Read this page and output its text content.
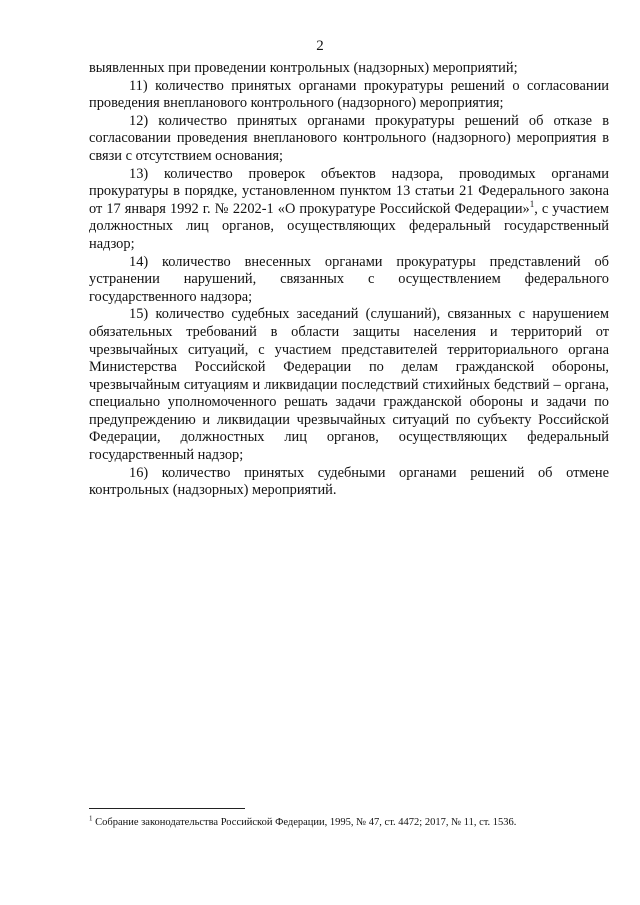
2

выявленных при проведении контрольных (надзорных) мероприятий;

11) количество принятых органами прокуратуры решений о согласовании проведения внепланового контрольного (надзорного) мероприятия;

12) количество принятых органами прокуратуры решений об отказе в согласовании проведения внепланового контрольного (надзорного) мероприятия в связи с отсутствием основания;

13) количество проверок объектов надзора, проводимых органами прокуратуры в порядке, установленном пунктом 13 статьи 21 Федерального закона от 17 января 1992 г. № 2202-1 «О прокуратуре Российской Федерации»$^1$, с участием должностных лиц органов, осуществляющих федеральный государственный надзор;

14) количество внесенных органами прокуратуры представлений об устранении нарушений, связанных с осуществлением федерального государственного надзора;

15) количество судебных заседаний (слушаний), связанных с нарушением обязательных требований в области защиты населения и территорий от чрезвычайных ситуаций, с участием представителей территориального органа Министерства Российской Федерации по делам гражданской обороны, чрезвычайным ситуациям и ликвидации последствий стихийных бедствий – органа, специально уполномоченного решать задачи гражданской обороны и задачи по предупреждению и ликвидации чрезвычайных ситуаций по субъекту Российской Федерации, должностных лиц органов, осуществляющих федеральный государственный надзор;

16) количество принятых судебными органами решений об отмене контрольных (надзорных) мероприятий.

$^1$ Собрание законодательства Российской Федерации, 1995, № 47, ст. 4472; 2017, № 11, ст. 1536.
